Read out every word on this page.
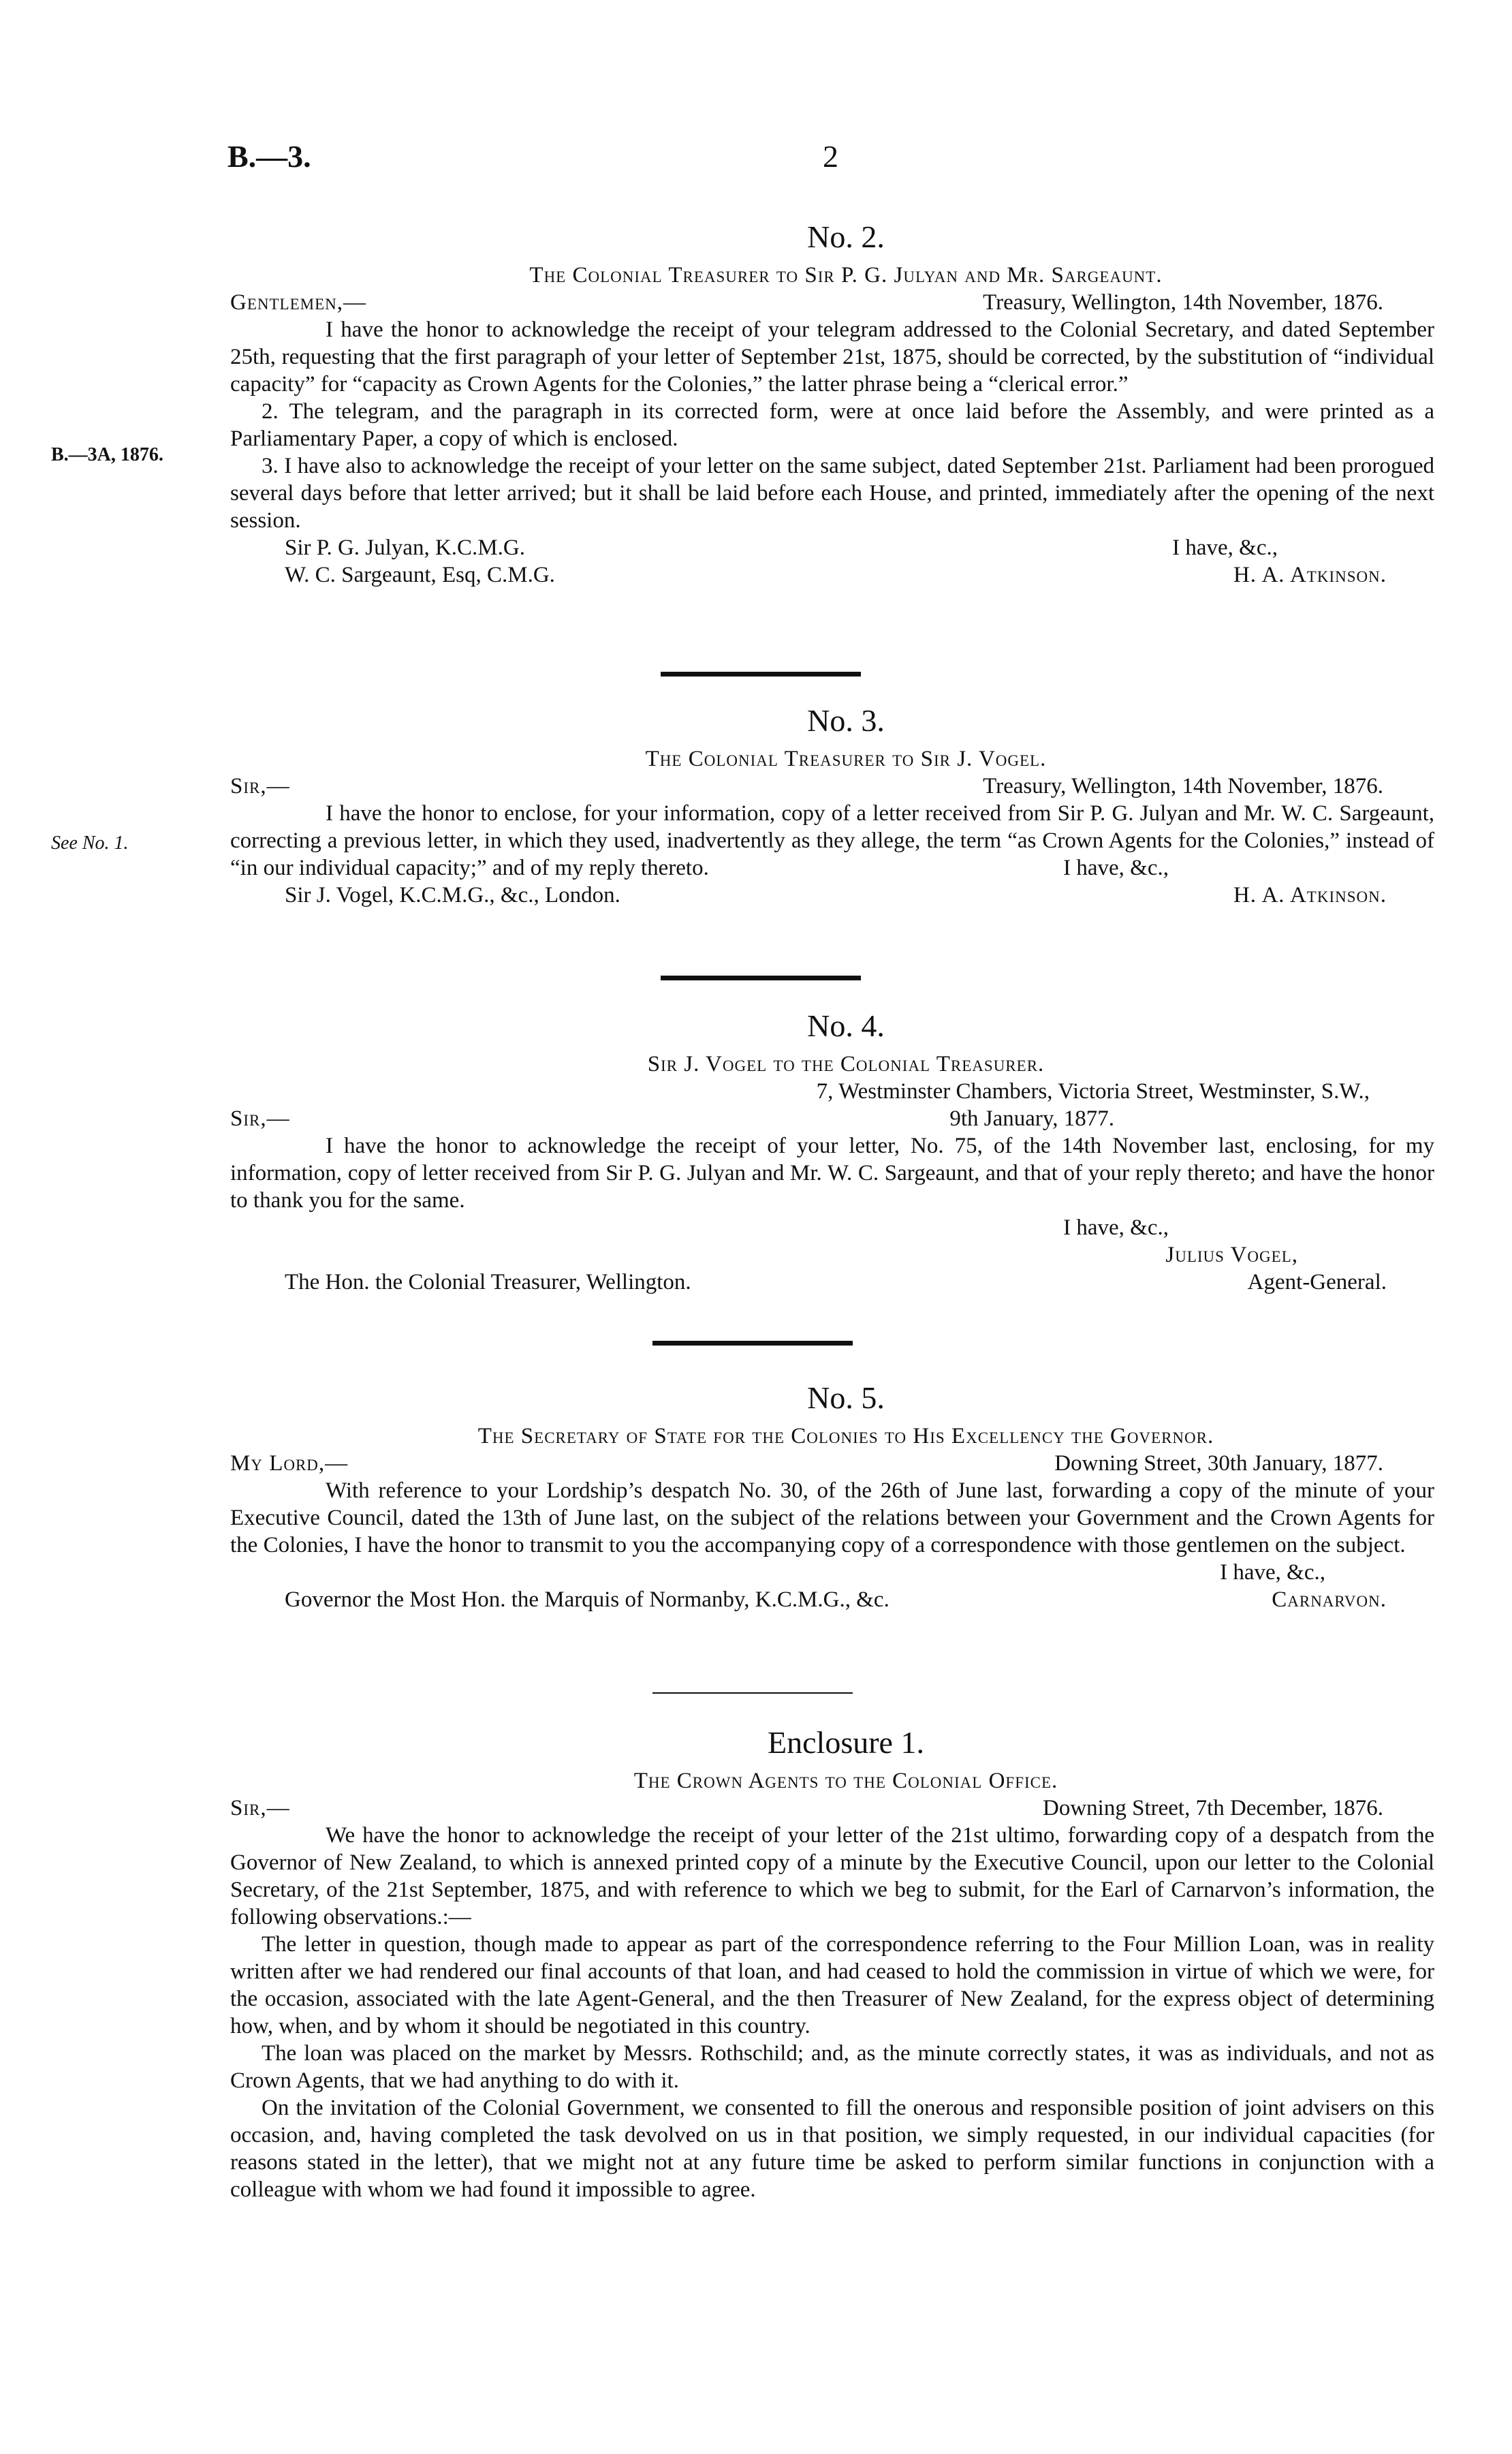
B.—3.	2
B.—3A, 1876.
See No. 1.
No. 2.
The Colonial Treasurer to Sir P. G. Julyan and Mr. Sargeaunt.
Gentlemen,—	Treasury, Wellington, 14th November, 1876.

I have the honor to acknowledge the receipt of your telegram addressed to the Colonial Secretary, and dated September 25th, requesting that the first paragraph of your letter of September 21st, 1875, should be corrected, by the substitution of “individual capacity” for “capacity as Crown Agents for the Colonies,” the latter phrase being a “clerical error.”

2. The telegram, and the paragraph in its corrected form, were at once laid before the Assembly, and were printed as a Parliamentary Paper, a copy of which is enclosed.

3. I have also to acknowledge the receipt of your letter on the same subject, dated September 21st. Parliament had been prorogued several days before that letter arrived; but it shall be laid before each House, and printed, immediately after the opening of the next session.

Sir P. G. Julyan, K.C.M.G.	I have, &c.,
W. C. Sargeaunt, Esq, C.M.G.	H. A. Atkinson.
No. 3.
The Colonial Treasurer to Sir J. Vogel.
Sir,—	Treasury, Wellington, 14th November, 1876.

I have the honor to enclose, for your information, copy of a letter received from Sir P. G. Julyan and Mr. W. C. Sargeaunt, correcting a previous letter, in which they used, inadvertently as they allege, the term “as Crown Agents for the Colonies,” instead of “in our individual capacity;” and of my reply thereto.	I have, &c.,
Sir J. Vogel, K.C.M.G., &c., London.	H. A. Atkinson.
No. 4.
Sir J. Vogel to the Colonial Treasurer.
7, Westminster Chambers, Victoria Street, Westminster, S.W.,
Sir,—	9th January, 1877.

I have the honor to acknowledge the receipt of your letter, No. 75, of the 14th November last, enclosing, for my information, copy of letter received from Sir P. G. Julyan and Mr. W. C. Sargeaunt, and that of your reply thereto; and have the honor to thank you for the same.

I have, &c.,
Julius Vogel,
The Hon. the Colonial Treasurer, Wellington.	Agent-General.
No. 5.
The Secretary of State for the Colonies to His Excellency the Governor.
My Lord,—	Downing Street, 30th January, 1877.

With reference to your Lordship’s despatch No. 30, of the 26th of June last, forwarding a copy of the minute of your Executive Council, dated the 13th of June last, on the subject of the relations between your Government and the Crown Agents for the Colonies, I have the honor to transmit to you the accompanying copy of a correspondence with those gentlemen on the subject.

I have, &c.,
Governor the Most Hon. the Marquis of Normanby, K.C.M.G., &c.	Carnarvon.
Enclosure 1.
The Crown Agents to the Colonial Office.
Sir,—	Downing Street, 7th December, 1876.

We have the honor to acknowledge the receipt of your letter of the 21st ultimo, forwarding copy of a despatch from the Governor of New Zealand, to which is annexed printed copy of a minute by the Executive Council, upon our letter to the Colonial Secretary, of the 21st September, 1875, and with reference to which we beg to submit, for the Earl of Carnarvon’s information, the following observations.:—

The letter in question, though made to appear as part of the correspondence referring to the Four Million Loan, was in reality written after we had rendered our final accounts of that loan, and had ceased to hold the commission in virtue of which we were, for the occasion, associated with the late Agent-General, and the then Treasurer of New Zealand, for the express object of determining how, when, and by whom it should be negotiated in this country.

The loan was placed on the market by Messrs. Rothschild; and, as the minute correctly states, it was as individuals, and not as Crown Agents, that we had anything to do with it.

On the invitation of the Colonial Government, we consented to fill the onerous and responsible position of joint advisers on this occasion, and, having completed the task devolved on us in that position, we simply requested, in our individual capacities (for reasons stated in the letter), that we might not at any future time be asked to perform similar functions in conjunction with a colleague with whom we had found it impossible to agree.
